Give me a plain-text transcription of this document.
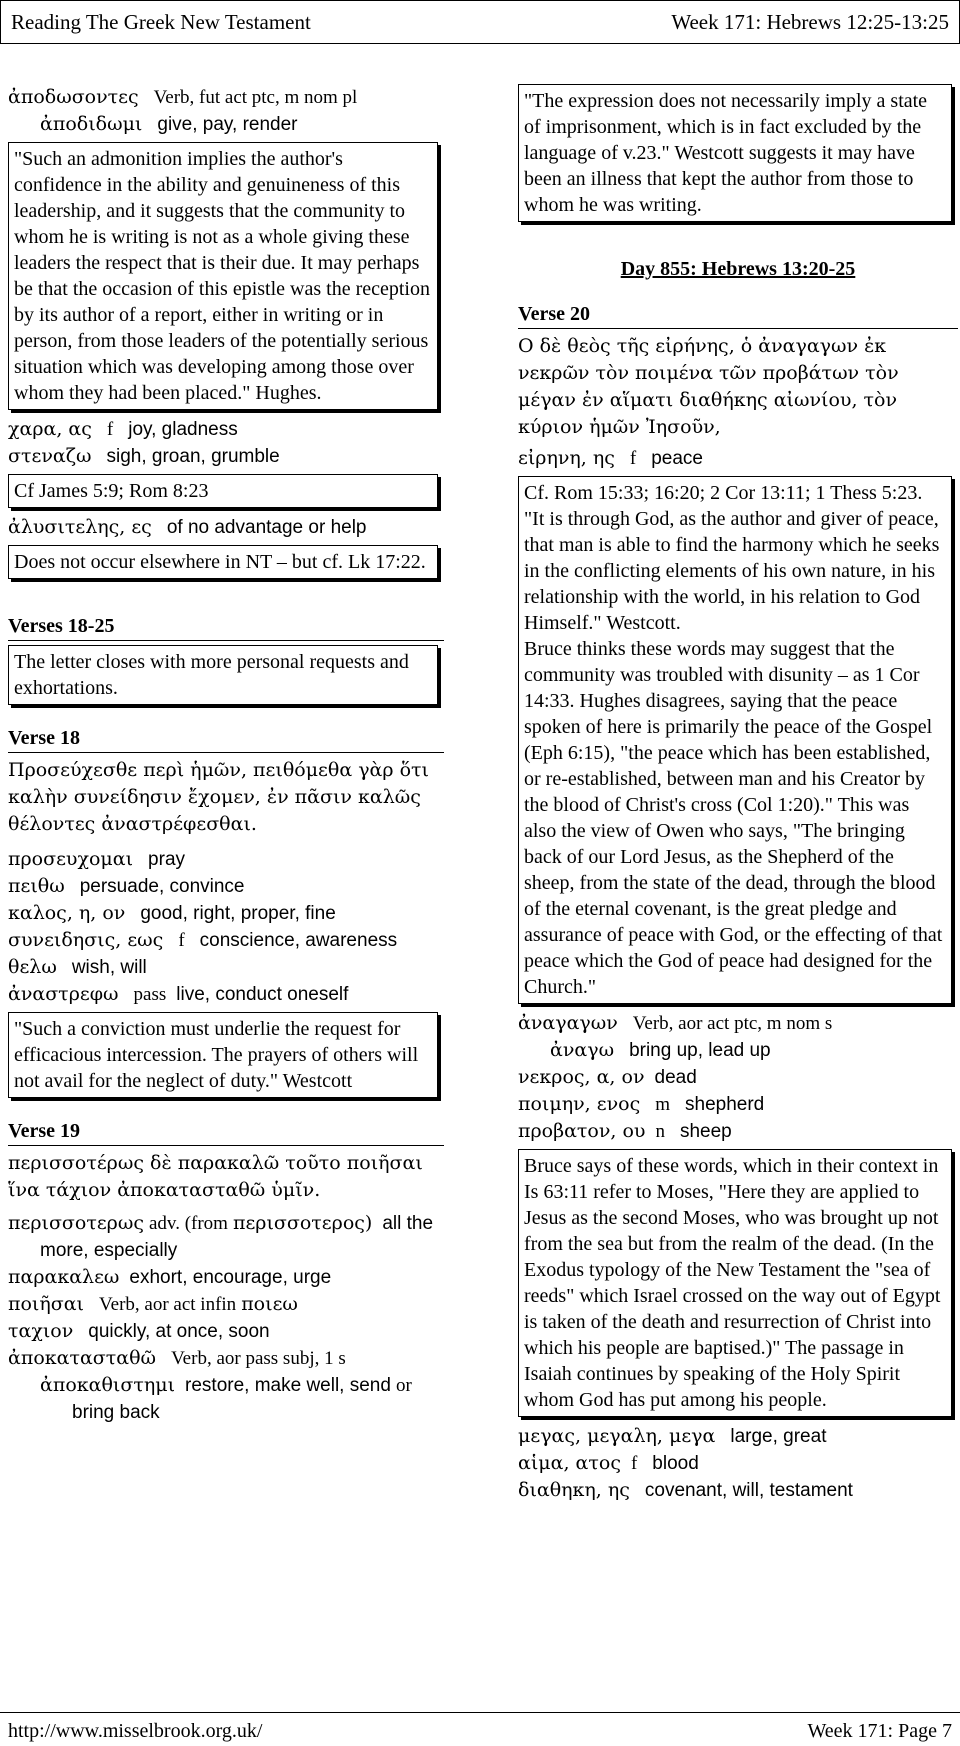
Reading The Greek New Testament	Week 171: Hebrews 12:25-13:25
ἀποδωσοντες Verb, fut act ptc, m nom pl
ἀποδιδωμι give, pay, render
"Such an admonition implies the author's confidence in the ability and genuineness of this leadership, and it suggests that the community to whom he is writing is not as a whole giving these leaders the respect that is their due. It may perhaps be that the occasion of this epistle was the reception by its author of a report, either in writing or in person, from those leaders of the potentially serious situation which was developing among those over whom they had been placed." Hughes.
χαρα, ας f joy, gladness
στεναζω sigh, groan, grumble
Cf James 5:9; Rom 8:23
ἀλυσιτελης, ες of no advantage or help
Does not occur elsewhere in NT – but cf. Lk 17:22.
Verses 18-25
The letter closes with more personal requests and exhortations.
Verse 18
Προσεύχεσθε περὶ ἡμῶν, πειθόμεθα γὰρ ὅτι καλὴν συνείδησιν ἔχομεν, ἐν πᾶσιν καλῶς θέλοντες ἀναστρέφεσθαι.
προσευχομαι pray
πειθω persuade, convince
καλος, η, ον good, right, proper, fine
συνειδησις, εως f conscience, awareness
θελω wish, will
ἀναστρεφω pass live, conduct oneself
"Such a conviction must underlie the request for efficacious intercession. The prayers of others will not avail for the neglect of duty." Westcott
Verse 19
περισσοτέρως δὲ παρακαλῶ τοῦτο ποιῆσαι ἵνα τάχιον ἀποκατασταθῶ ὑμῖν.
περισσοτερως adv. (from περισσοτερος) all the more, especially
παρακαλεω exhort, encourage, urge
ποιῆσαι Verb, aor act infin ποιεω
ταχιον quickly, at once, soon
ἀποκατασταθῶ Verb, aor pass subj, 1 s
ἀποκαθιστημι restore, make well, send or bring back
"The expression does not necessarily imply a state of imprisonment, which is in fact excluded by the language of v.23." Westcott suggests it may have been an illness that kept the author from those to whom he was writing.
Day 855: Hebrews 13:20-25
Verse 20
Ο δὲ θεὸς τῆς εἰρήνης, ὁ ἀναγαγων ἐκ νεκρῶν τὸν ποιμένα τῶν προβάτων τὸν μέγαν ἐν αἵματι διαθήκης αἰωνίου, τὸν κύριον ἡμῶν Ἰησοῦν,
εἰρηνη, ης f peace
Cf. Rom 15:33; 16:20; 2 Cor 13:11; 1 Thess 5:23.
"It is through God, as the author and giver of peace, that man is able to find the harmony which he seeks in the conflicting elements of his own nature, in his relationship with the world, in his relation to God Himself." Westcott.
Bruce thinks these words may suggest that the community was troubled with disunity – as 1 Cor 14:33. Hughes disagrees, saying that the peace spoken of here is primarily the peace of the Gospel (Eph 6:15), "the peace which has been established, or re-established, between man and his Creator by the blood of Christ's cross (Col 1:20)." This was also the view of Owen who says, "The bringing back of our Lord Jesus, as the Shepherd of the sheep, from the state of the dead, through the blood of the eternal covenant, is the great pledge and assurance of peace with God, or the effecting of that peace which the God of peace had designed for the Church."
ἀναγαγων Verb, aor act ptc, m nom s
ἀναγω bring up, lead up
νεκρος, α, ον dead
ποιμην, ενος m shepherd
προβατον, ου n sheep
Bruce says of these words, which in their context in Is 63:11 refer to Moses, "Here they are applied to Jesus as the second Moses, who was brought up not from the sea but from the realm of the dead. (In the Exodus typology of the New Testament the "sea of reeds" which Israel crossed on the way out of Egypt is taken of the death and resurrection of Christ into which his people are baptised.)" The passage in Isaiah continues by speaking of the Holy Spirit whom God has put among his people.
μεγας, μεγαλη, μεγα large, great
αἱμα, ατος f blood
διαθηκη, ης covenant, will, testament
http://www.misselbrook.org.uk/	Week 171: Page 7
